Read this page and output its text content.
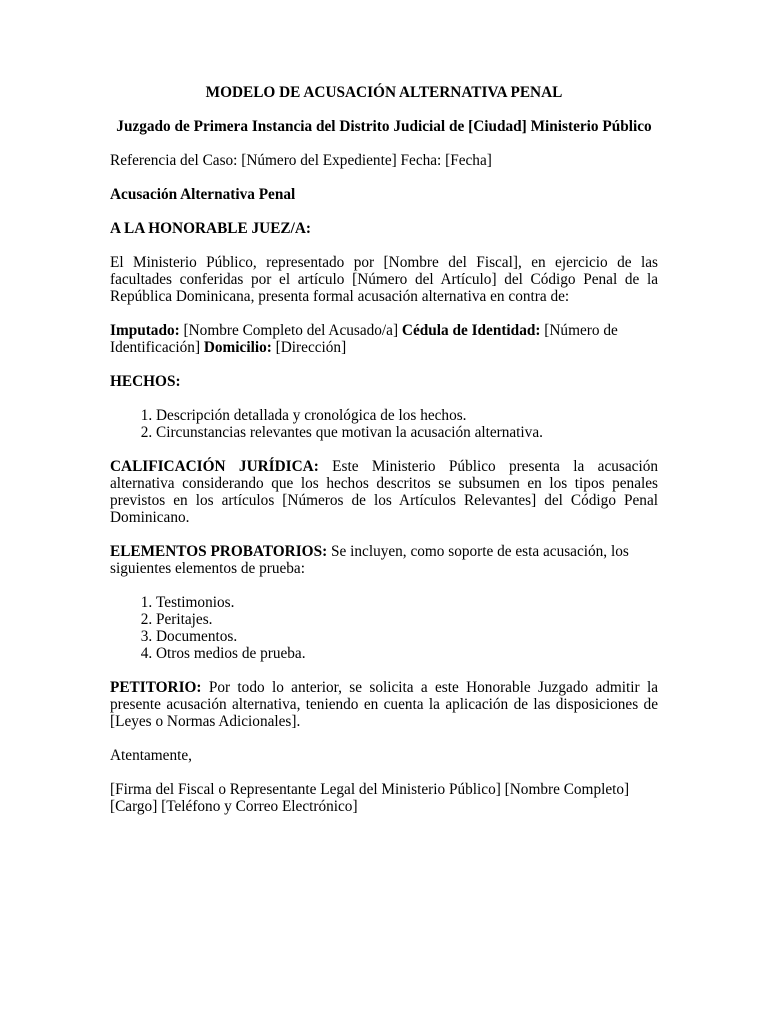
MODELO DE ACUSACIÓN ALTERNATIVA PENAL

Juzgado de Primera Instancia del Distrito Judicial de [Ciudad] Ministerio Público

Referencia del Caso: [Número del Expediente] Fecha: [Fecha]

Acusación Alternativa Penal

A LA HONORABLE JUEZ/A:

El Ministerio Público, representado por [Nombre del Fiscal], en ejercicio de las facultades conferidas por el artículo [Número del Artículo] del Código Penal de la República Dominicana, presenta formal acusación alternativa en contra de:

Imputado: [Nombre Completo del Acusado/a] Cédula de Identidad: [Número de Identificación] Domicilio: [Dirección]

HECHOS:

1. Descripción detallada y cronológica de los hechos.
2. Circunstancias relevantes que motivan la acusación alternativa.

CALIFICACIÓN JURÍDICA: Este Ministerio Público presenta la acusación alternativa considerando que los hechos descritos se subsumen en los tipos penales previstos en los artículos [Números de los Artículos Relevantes] del Código Penal Dominicano.

ELEMENTOS PROBATORIOS: Se incluyen, como soporte de esta acusación, los siguientes elementos de prueba:

1. Testimonios.
2. Peritajes.
3. Documentos.
4. Otros medios de prueba.

PETITORIO: Por todo lo anterior, se solicita a este Honorable Juzgado admitir la presente acusación alternativa, teniendo en cuenta la aplicación de las disposiciones de [Leyes o Normas Adicionales].

Atentamente,

[Firma del Fiscal o Representante Legal del Ministerio Público] [Nombre Completo]

[Cargo] [Teléfono y Correo Electrónico]
